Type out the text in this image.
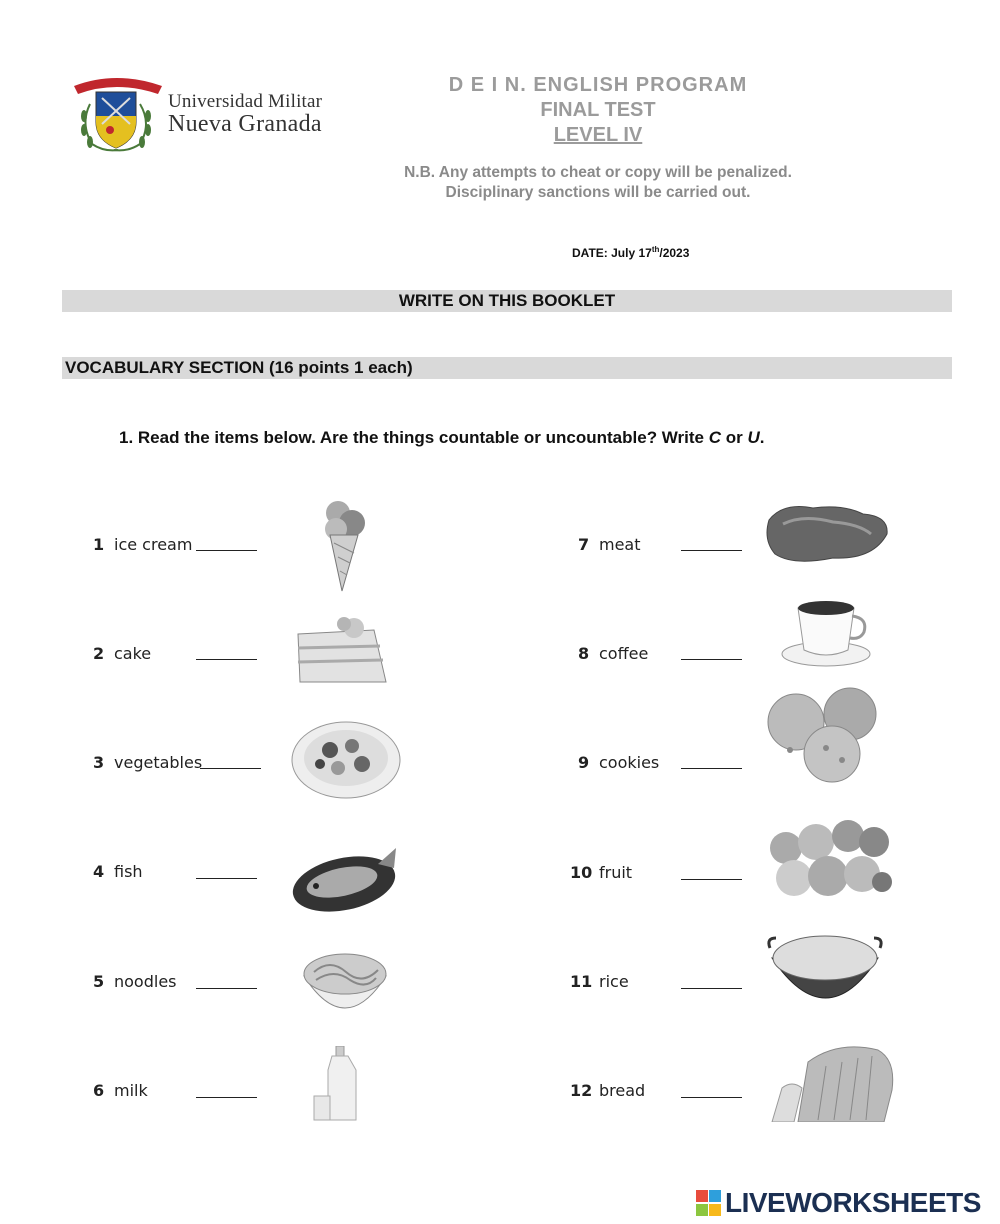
Universidad Militar
Nueva Granada
D E I N. ENGLISH PROGRAM
FINAL TEST
LEVEL IV
N.B. Any attempts to cheat or copy will be penalized.
Disciplinary sanctions will be carried out.
DATE: July 17th/2023
WRITE ON THIS BOOKLET
VOCABULARY SECTION (16 points 1 each)
1. Read the items below. Are the things countable or uncountable? Write C or U.
1 ice cream
2 cake
3 vegetables
4 fish
5 noodles
6 milk
7 meat
8 coffee
9 cookies
10 fruit
11 rice
12 bread
LIVEWORKSHEETS
